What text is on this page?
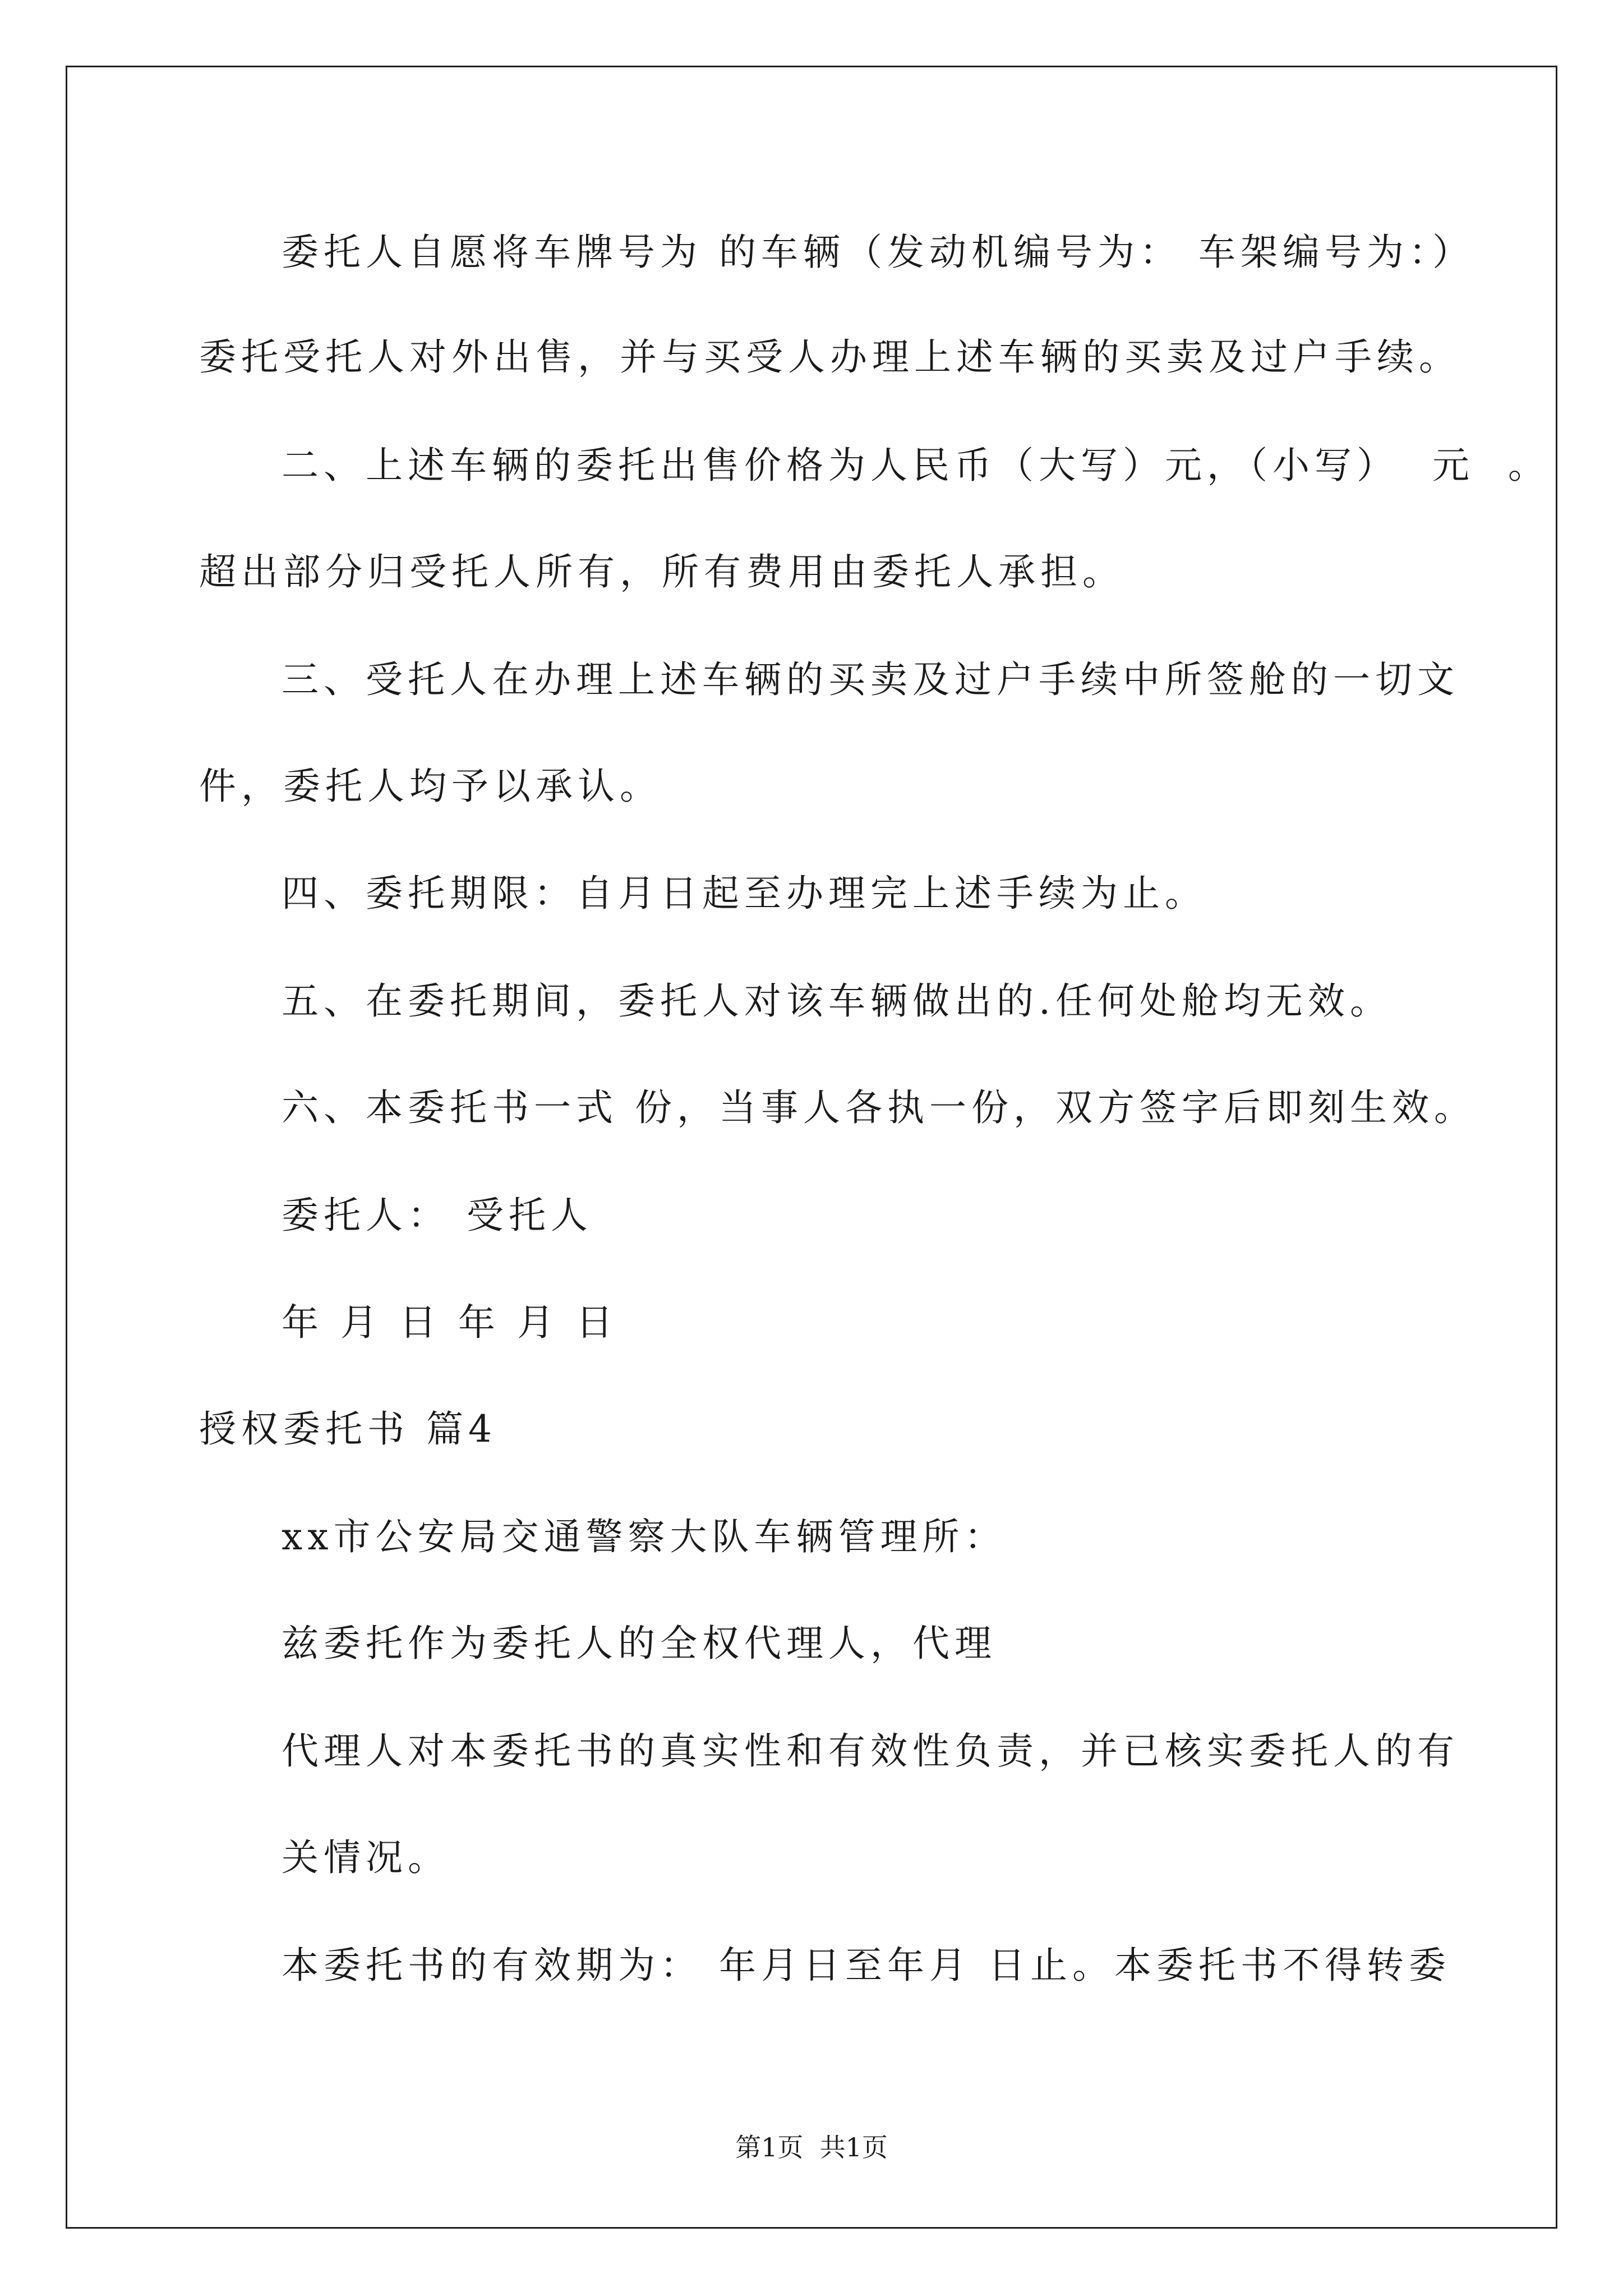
委托人自愿将车牌号为 的车辆（发动机编号为： 车架编号为：）
委托受托人对外出售，并与买受人办理上述车辆的买卖及过户手续。
二、上述车辆的委托出售价格为人民币（大写）元，（小写）  元  。
超出部分归受托人所有，所有费用由委托人承担。
三、受托人在办理上述车辆的买卖及过户手续中所签舱的一切文
件，委托人均予以承认。
四、委托期限：自月日起至办理完上述手续为止。
五、在委托期间，委托人对该车辆做出的.任何处舱均无效。
六、本委托书一式 份，当事人各执一份，双方签字后即刻生效。
委托人： 受托人
年 月 日 年 月 日
授权委托书 篇4
xx市公安局交通警察大队车辆管理所：
兹委托作为委托人的全权代理人，代理
代理人对本委托书的真实性和有效性负责，并已核实委托人的有
关情况。
本委托书的有效期为： 年月日至年月 日止。本委托书不得转委
第1页  共1页
